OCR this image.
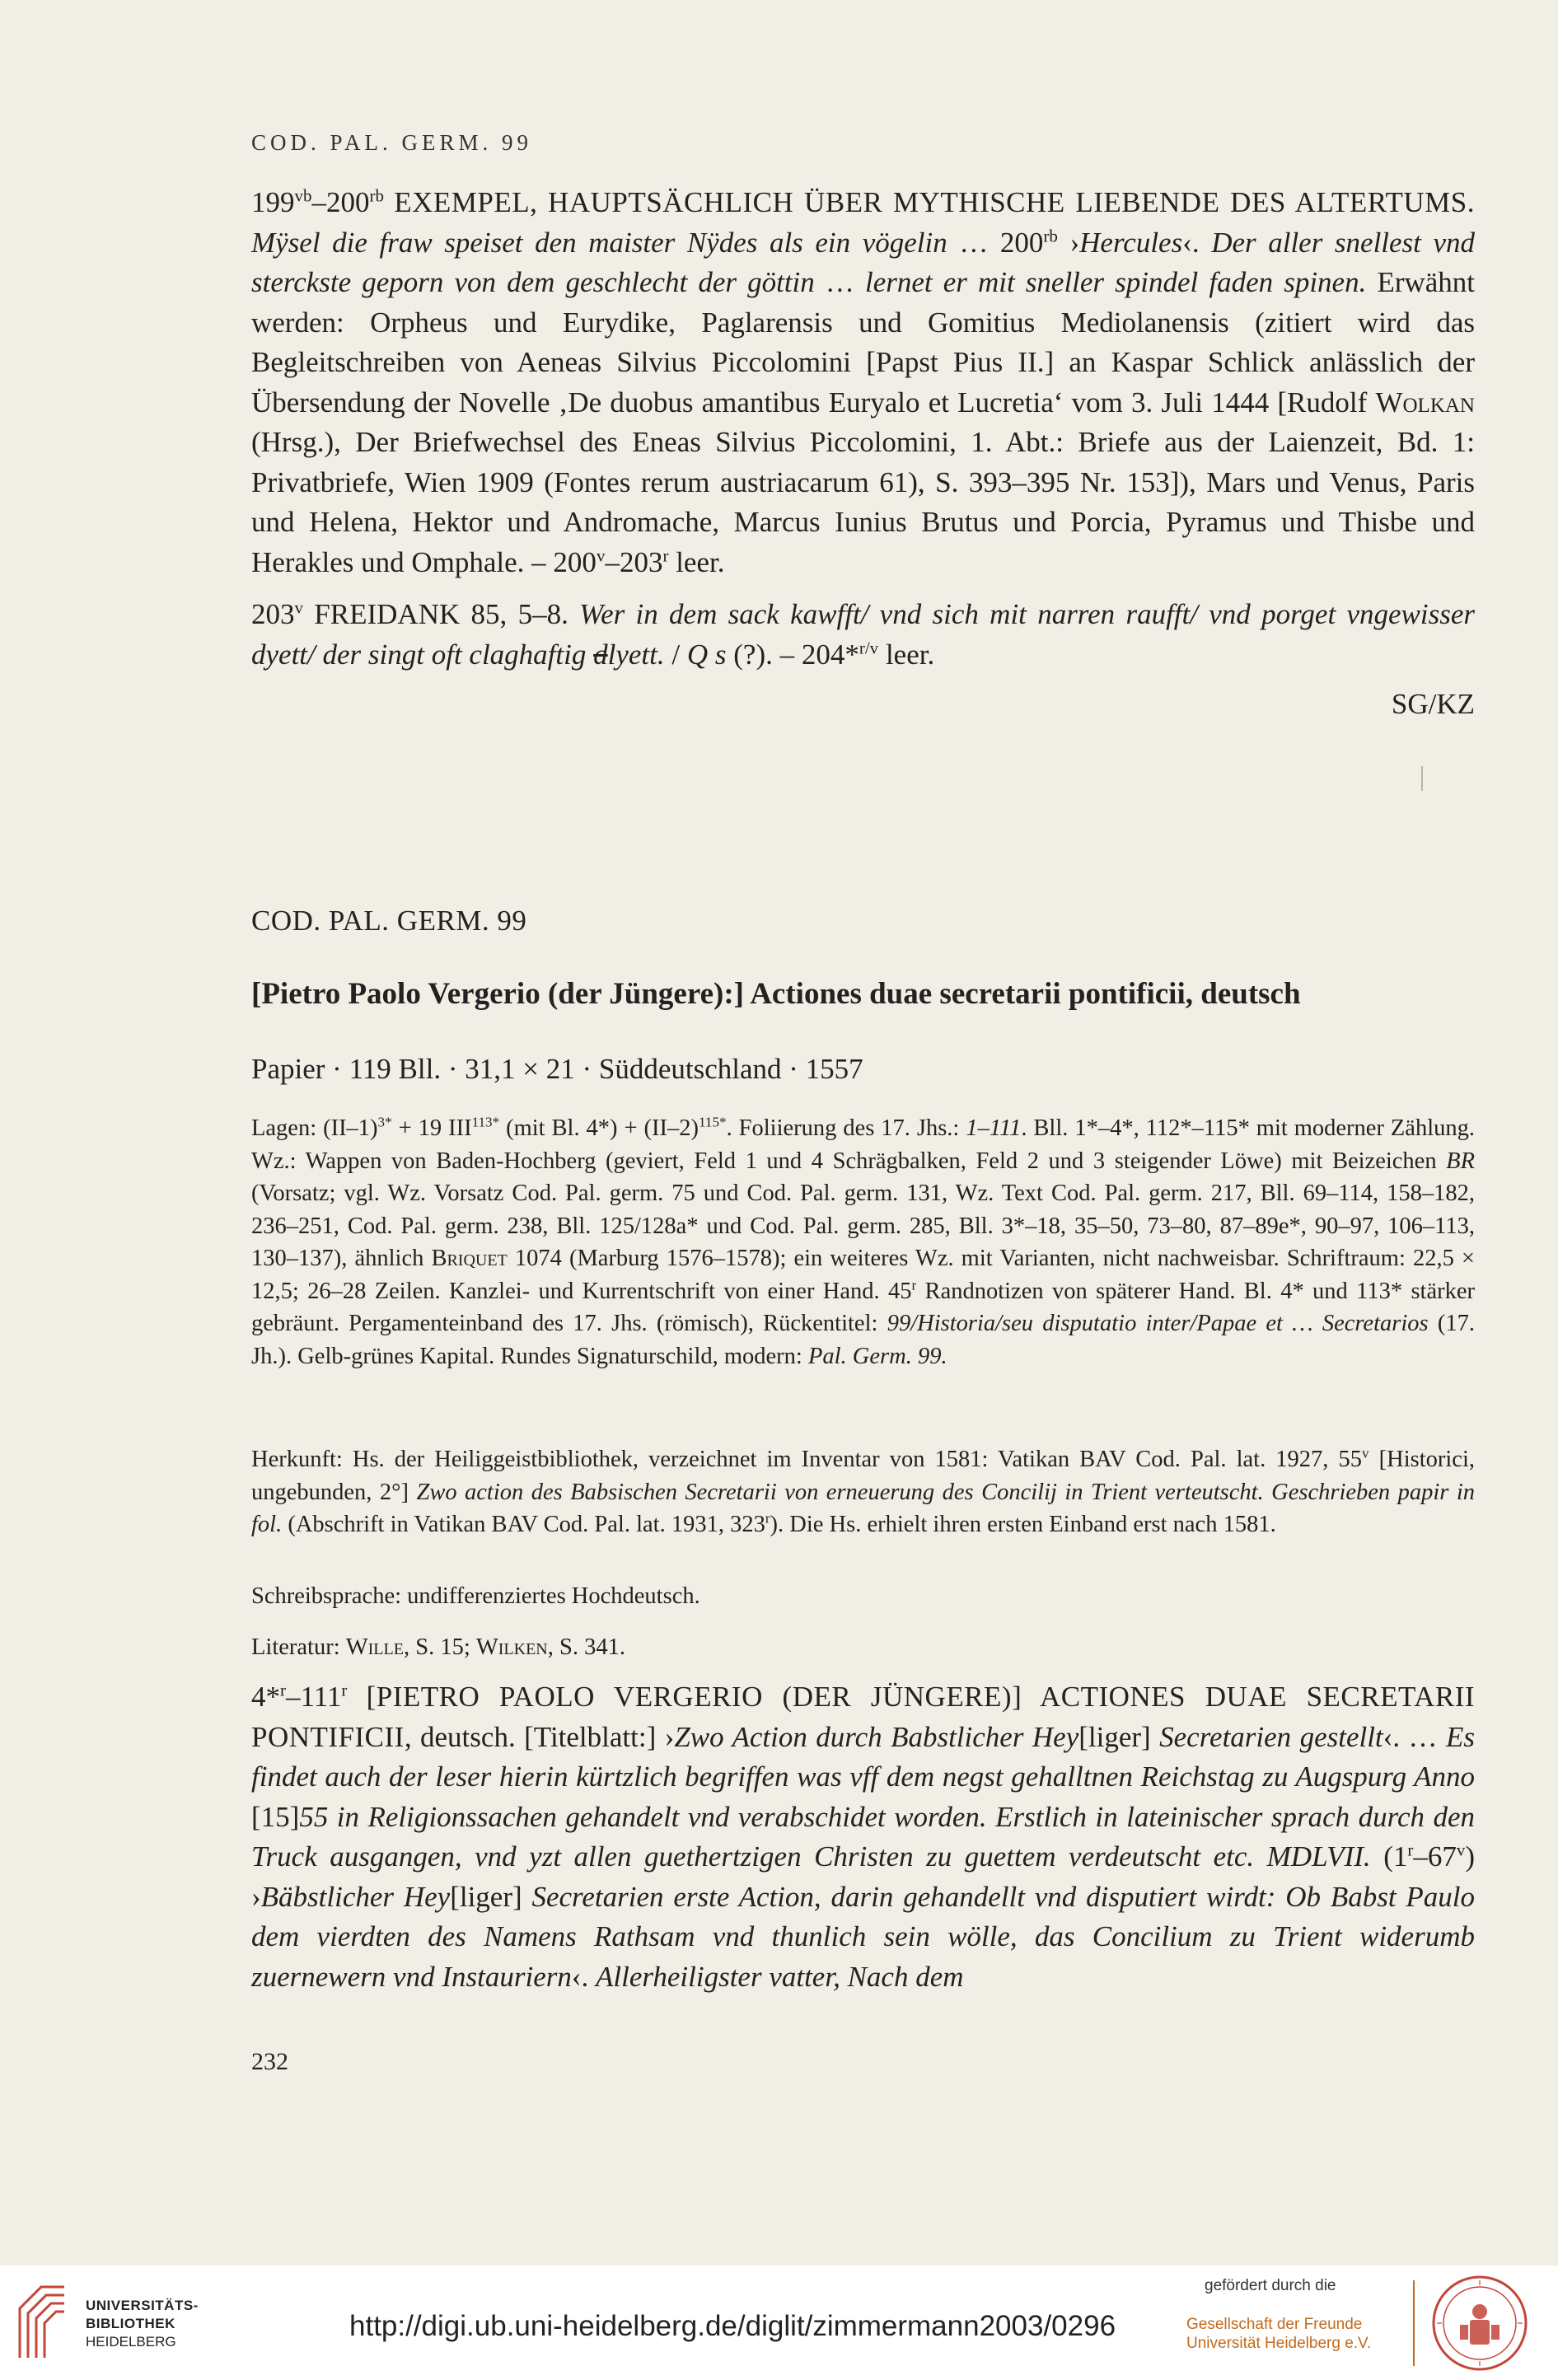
COD. PAL. GERM. 99
$199^{vb}-200^{rb}$ EXEMPEL, HAUPTSÄCHLICH ÜBER MYTHISCHE LIEBENDE DES ALTERTUMS. Mÿsel die fraw speiset den maister Nÿdes als ein vögelin … $200^{rb}$ ›Hercules‹. Der aller snellest vnd sterckste geporn von dem geschlecht der göttin … lernet er mit sneller spindel faden spinen. Erwähnt werden: Orpheus und Eurydike, Paglarensis und Gomitius Mediolanensis (zitiert wird das Begleitschreiben von Aeneas Silvius Piccolomini [Papst Pius II.] an Kaspar Schlick anlässlich der Übersendung der Novelle ‚De duobus amantibus Euryalo et Lucretia‘ vom 3. Juli 1444 [Rudolf Wolkan (Hrsg.), Der Briefwechsel des Eneas Silvius Piccolomini, 1. Abt.: Briefe aus der Laienzeit, Bd. 1: Privatbriefe, Wien 1909 (Fontes rerum austriacarum 61), S. 393–395 Nr. 153]), Mars und Venus, Paris und Helena, Hektor und Andromache, Marcus Iunius Brutus und Porcia, Pyramus und Thisbe und Herakles und Omphale. – 200$^v$–203$^r$ leer.
203$^v$ FREIDANK 85, 5–8. Wer in dem sack kawfft/ vnd sich mit narren raufft/ vnd porget vngewisser dyett/ der singt oft claghaftig dlyett. / Q s (?). – 204*$^{r/v}$ leer.
SG/KZ
COD. PAL. GERM. 99
[Pietro Paolo Vergerio (der Jüngere):] Actiones duae secretarii pontificii, deutsch
Papier · 119 Bll. · 31,1 × 21 · Süddeutschland · 1557
Lagen: $(II-1)^{3*} + 19$ $III^{113*}$ (mit Bl. $4*) + (II-2)^{115*}$. Foliierung des 17. Jhs.: 1–111. Bll. 1*–4*, 112*–115* mit moderner Zählung. Wz.: Wappen von Baden-Hochberg (geviert, Feld 1 und 4 Schrägbalken, Feld 2 und 3 steigender Löwe) mit Beizeichen BR (Vorsatz; vgl. Wz. Vorsatz Cod. Pal. germ. 75 und Cod. Pal. germ. 131, Wz. Text Cod. Pal. germ. 217, Bll. 69–114, 158–182, 236–251, Cod. Pal. germ. 238, Bll. 125/128a* und Cod. Pal. germ. 285, Bll. 3*–18, 35–50, 73–80, 87–89e*, 90–97, 106–113, 130–137), ähnlich Briquet 1074 (Marburg 1576–1578); ein weiteres Wz. mit Varianten, nicht nachweisbar. Schriftraum: 22,5 × 12,5; 26–28 Zeilen. Kanzlei- und Kurrentschrift von einer Hand. 45$^r$ Randnotizen von späterer Hand. Bl. 4* und 113* stärker gebräunt. Pergamenteinband des 17. Jhs. (römisch), Rückentitel: 99/Historia/seu disputatio inter/Papae et … Secretarios (17. Jh.). Gelb-grünes Kapital. Rundes Signaturschild, modern: Pal. Germ. 99.
Herkunft: Hs. der Heiliggeistbibliothek, verzeichnet im Inventar von 1581: Vatikan BAV Cod. Pal. lat. 1927, 55$^v$ [Historici, ungebunden, 2°] Zwo action des Babsischen Secretarii von erneuerung des Concilij in Trient verteutscht. Geschrieben papir in fol. (Abschrift in Vatikan BAV Cod. Pal. lat. 1931, 323$^r$). Die Hs. erhielt ihren ersten Einband erst nach 1581.
Schreibsprache: undifferenziertes Hochdeutsch.
Literatur: Wille, S. 15; Wilken, S. 341.
4*$^r$–111$^r$ [PIETRO PAOLO VERGERIO (DER JÜNGERE)] ACTIONES DUAE SECRETARII PONTIFICII, deutsch. [Titelblatt:] ›Zwo Action durch Babstlicher Hey[liger] Secretarien gestellt‹. … Es findet auch der leser hierin kürtzlich begriffen was vff dem negst gehalltnen Reichstag zu Augspurg Anno [15]55 in Religionssachen gehandelt vnd verabschidet worden. Erstlich in lateinischer sprach durch den Truck ausgangen, vnd yzt allen guethertzigen Christen zu guettem verdeutscht etc. MDLVII. (1$^r$–67$^v$) ›Bäbstlicher Hey[liger] Secretarien erste Action, darin gehandellt vnd disputiert wirdt: Ob Babst Paulo dem vierdten des Namens Rathsam vnd thunlich sein wölle, das Concilium zu Trient widerumb zuernewern vnd Instauriern‹. Allerheiligster vatter, Nach dem
232
UNIVERSITÄTS-
BIBLIOTHEK
HEIDELBERG	http://digi.ub.uni-heidelberg.de/diglit/zimmermann2003/0296
gefördert durch die
Gesellschaft der Freunde
Universität Heidelberg e.V.
